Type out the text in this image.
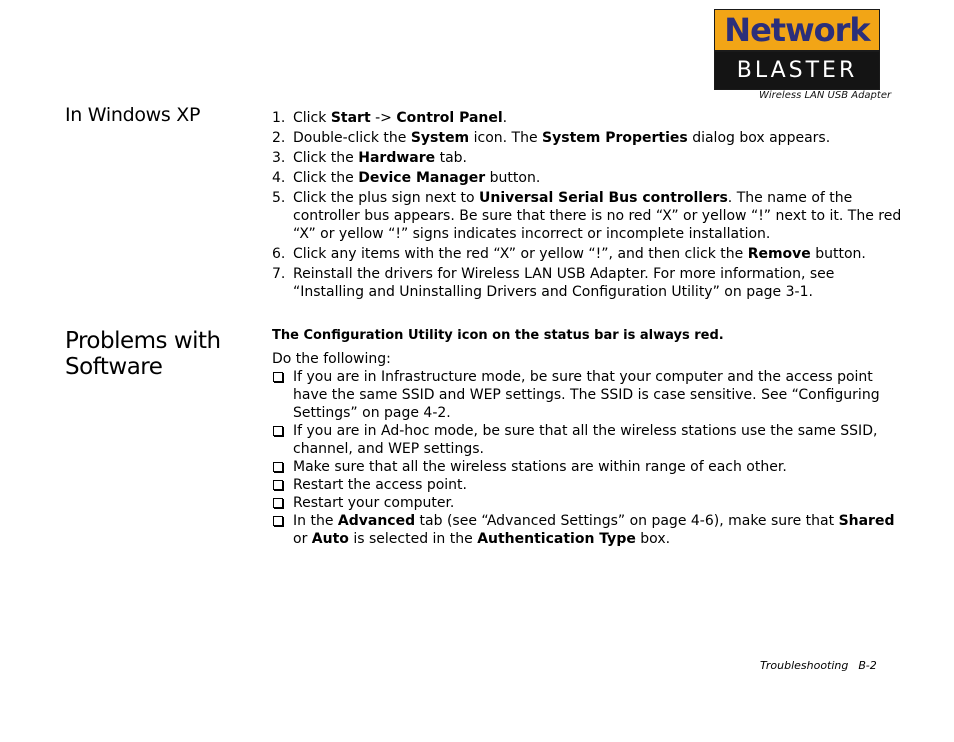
Network
BLASTER
Wireless LAN USB Adapter
In Windows XP	1. Click Start -> Control Panel.
2. Double-click the System icon. The System Properties dialog box appears.
3. Click the Hardware tab.
4. Click the Device Manager button.
5. Click the plus sign next to Universal Serial Bus controllers. The name of the controller bus appears. Be sure that there is no red “X” or yellow “!” next to it. The red “X” or yellow “!” signs indicates incorrect or incomplete installation.
6. Click any items with the red “X” or yellow “!”, and then click the Remove button.
7. Reinstall the drivers for Wireless LAN USB Adapter. For more information, see “Installing and Uninstalling Drivers and Configuration Utility” on page 3-1.
Problems with
Software
The Configuration Utility icon on the status bar is always red.
Do the following:
If you are in Infrastructure mode, be sure that your computer and the access point have the same SSID and WEP settings. The SSID is case sensitive. See “Configuring Settings” on page 4-2.
If you are in Ad-hoc mode, be sure that all the wireless stations use the same SSID, channel, and WEP settings.
Make sure that all the wireless stations are within range of each other.
Restart the access point.
Restart your computer.
In the Advanced tab (see “Advanced Settings” on page 4-6), make sure that Shared or Auto is selected in the Authentication Type box.
Troubleshooting B-2
